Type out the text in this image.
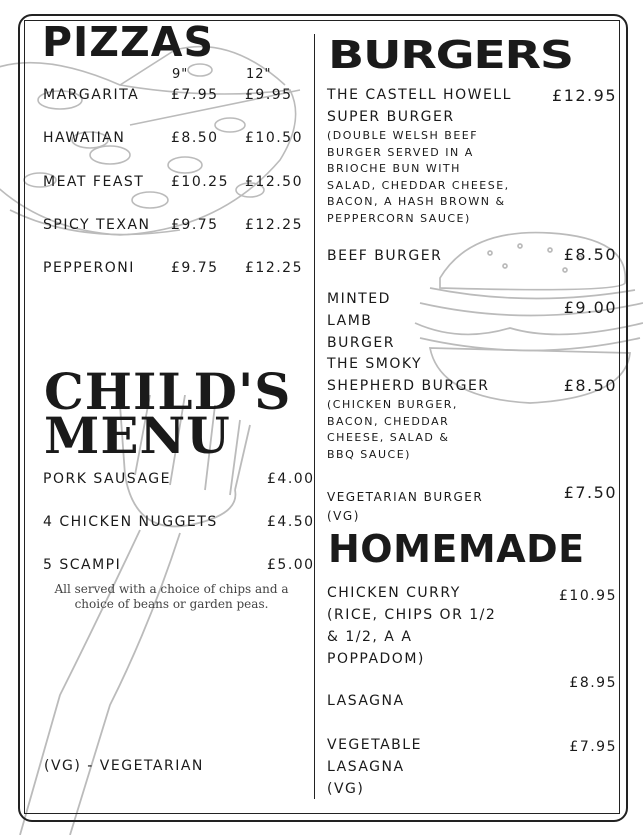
PIZZAS
9"	12"
MARGARITA £7.95 £9.95
HAWAIIAN	£8.50 £10.50
MEAT FEAST £10.25 £12.50
SPICY TEXAN £9.75 £12.25
PEPPERONI	£9.75 £12.25
CHILD'S
MENU
PORK SAUSAGE	£4.00
4 CHICKEN NUGGETS	£4.50
5 SCAMPI	£5.00
All served with a choice of chips and a choice of beans or garden peas.
(VG) - VEGETARIAN
BURGERS
THE CASTELL HOWELL SUPER BURGER
(DOUBLE WELSH BEEF BURGER SERVED IN A BRIOCHE BUN WITH SALAD, CHEDDAR CHEESE, BACON, A HASH BROWN & PEPPERCORN SAUCE)
£12.95
BEEF BURGER	£8.50
MINTED LAMB BURGER
£9.00
THE SMOKY SHEPHERD BURGER
(CHICKEN BURGER, BACON, CHEDDAR CHEESE, SALAD & BBQ SAUCE)
£8.50
VEGETARIAN BURGER
(VG)
£7.50
HOMEMADE
CHICKEN CURRY (RICE, CHIPS OR 1/2 & 1/2, A A POPPADOM)
£10.95
LASAGNA
£8.95
VEGETABLE LASAGNA (VG)
£7.95
